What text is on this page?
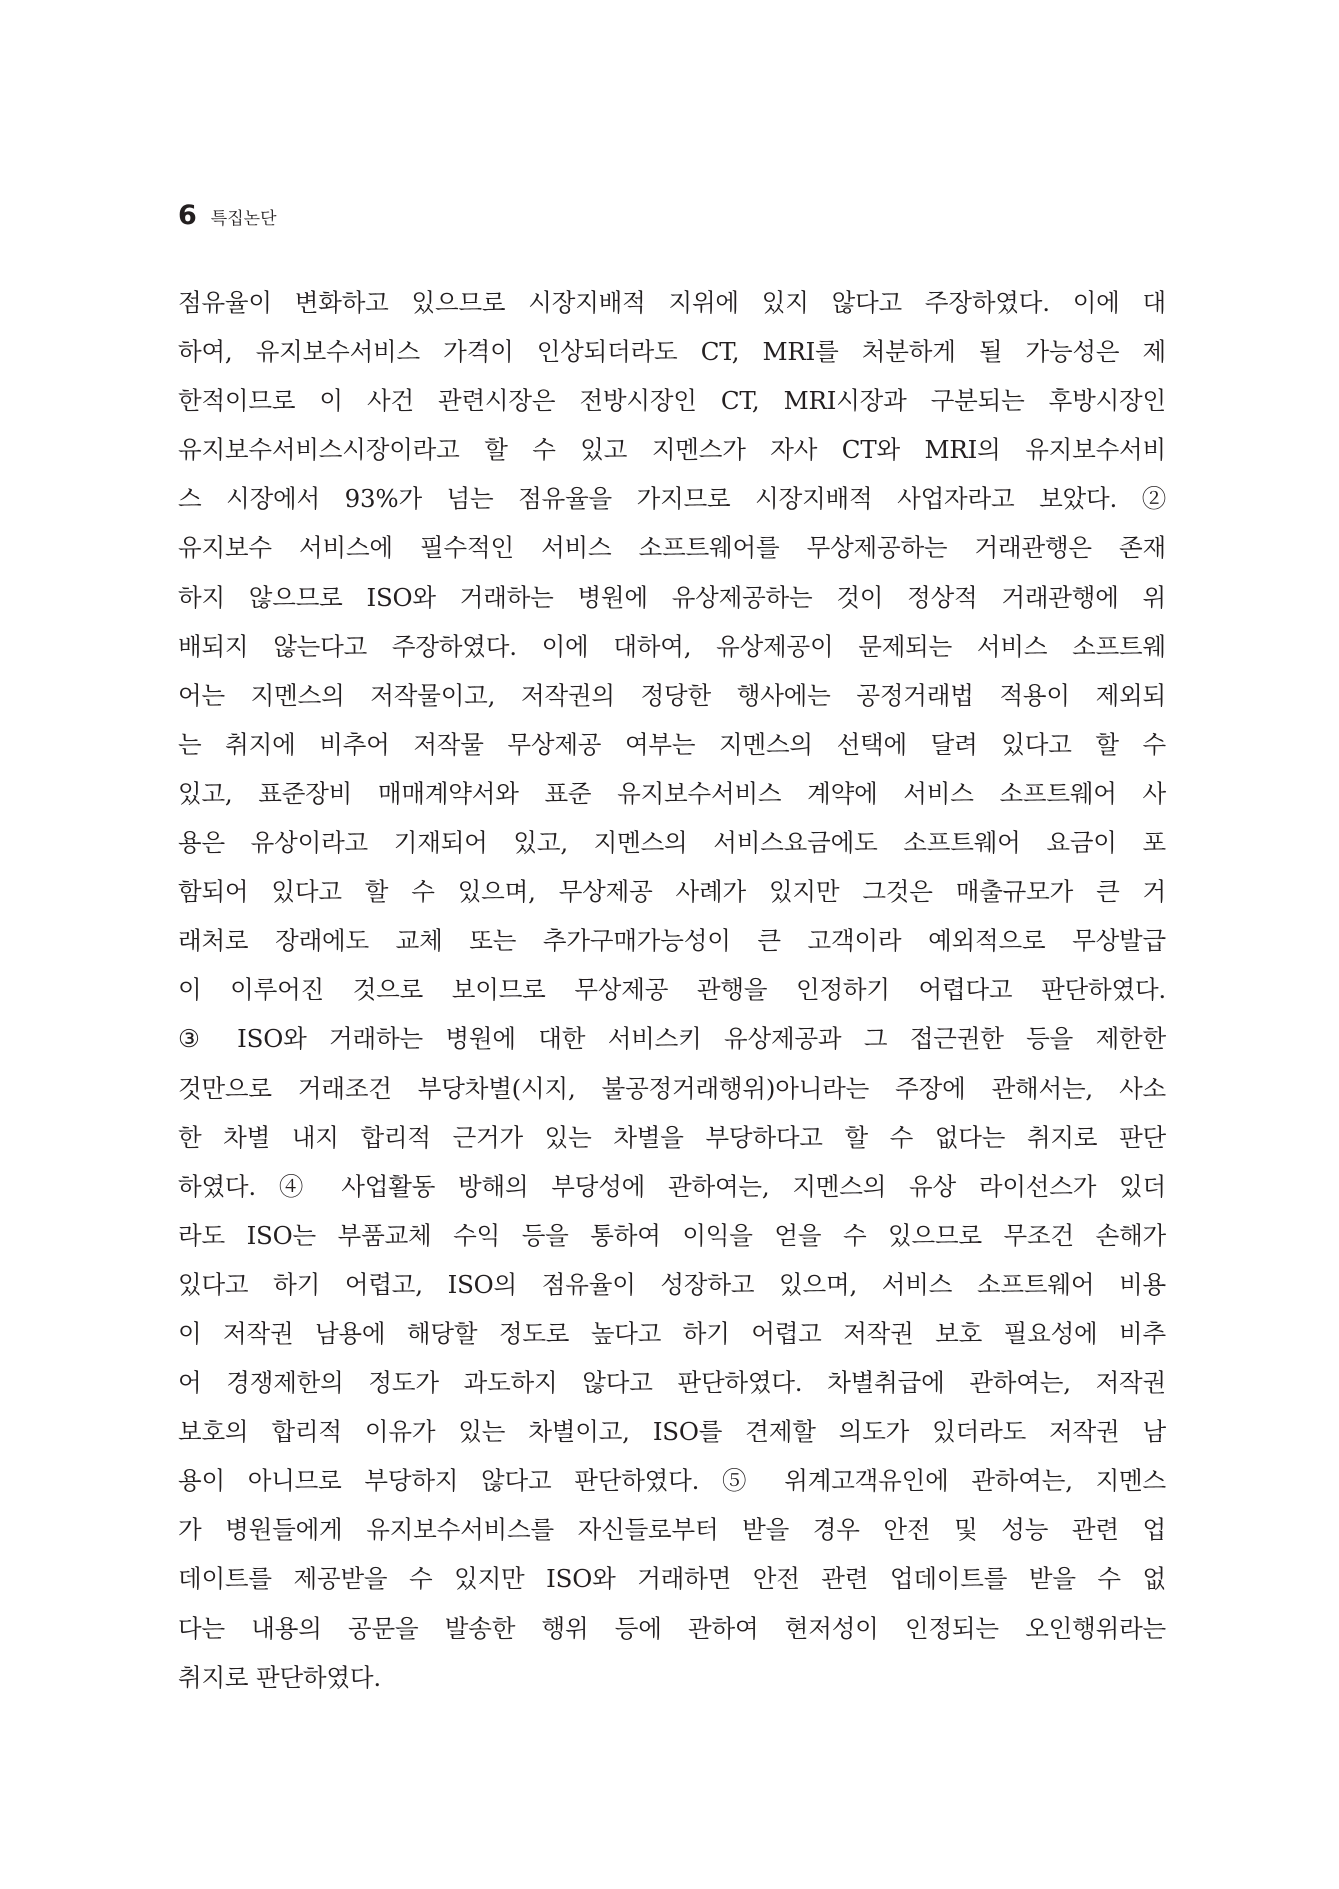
6 특집논단
점유율이 변화하고 있으므로 시장지배적 지위에 있지 않다고 주장하였다. 이에 대
하여, 유지보수서비스 가격이 인상되더라도 CT, MRI를 처분하게 될 가능성은 제
한적이므로 이 사건 관련시장은 전방시장인 CT, MRI시장과 구분되는 후방시장인
유지보수서비스시장이라고 할 수 있고 지멘스가 자사 CT와 MRI의 유지보수서비
스 시장에서 93%가 넘는 점유율을 가지므로 시장지배적 사업자라고 보았다. ②
유지보수 서비스에 필수적인 서비스 소프트웨어를 무상제공하는 거래관행은 존재
하지 않으므로 ISO와 거래하는 병원에 유상제공하는 것이 정상적 거래관행에 위
배되지 않는다고 주장하였다. 이에 대하여, 유상제공이 문제되는 서비스 소프트웨
어는 지멘스의 저작물이고, 저작권의 정당한 행사에는 공정거래법 적용이 제외되
는 취지에 비추어 저작물 무상제공 여부는 지멘스의 선택에 달려 있다고 할 수
있고, 표준장비 매매계약서와 표준 유지보수서비스 계약에 서비스 소프트웨어 사
용은 유상이라고 기재되어 있고, 지멘스의 서비스요금에도 소프트웨어 요금이 포
함되어 있다고 할 수 있으며, 무상제공 사례가 있지만 그것은 매출규모가 큰 거
래처로 장래에도 교체 또는 추가구매가능성이 큰 고객이라 예외적으로 무상발급
이 이루어진 것으로 보이므로 무상제공 관행을 인정하기 어렵다고 판단하였다.
③ ISO와 거래하는 병원에 대한 서비스키 유상제공과 그 접근권한 등을 제한한
것만으로 거래조건 부당차별(시지, 불공정거래행위)아니라는 주장에 관해서는, 사소
한 차별 내지 합리적 근거가 있는 차별을 부당하다고 할 수 없다는 취지로 판단
하였다. ④ 사업활동 방해의 부당성에 관하여는, 지멘스의 유상 라이선스가 있더
라도 ISO는 부품교체 수익 등을 통하여 이익을 얻을 수 있으므로 무조건 손해가
있다고 하기 어렵고, ISO의 점유율이 성장하고 있으며, 서비스 소프트웨어 비용
이 저작권 남용에 해당할 정도로 높다고 하기 어렵고 저작권 보호 필요성에 비추
어 경쟁제한의 정도가 과도하지 않다고 판단하였다. 차별취급에 관하여는, 저작권
보호의 합리적 이유가 있는 차별이고, ISO를 견제할 의도가 있더라도 저작권 남
용이 아니므로 부당하지 않다고 판단하였다. ⑤ 위계고객유인에 관하여는, 지멘스
가 병원들에게 유지보수서비스를 자신들로부터 받을 경우 안전 및 성능 관련 업
데이트를 제공받을 수 있지만 ISO와 거래하면 안전 관련 업데이트를 받을 수 없
다는 내용의 공문을 발송한 행위 등에 관하여 현저성이 인정되는 오인행위라는
취지로 판단하였다.
